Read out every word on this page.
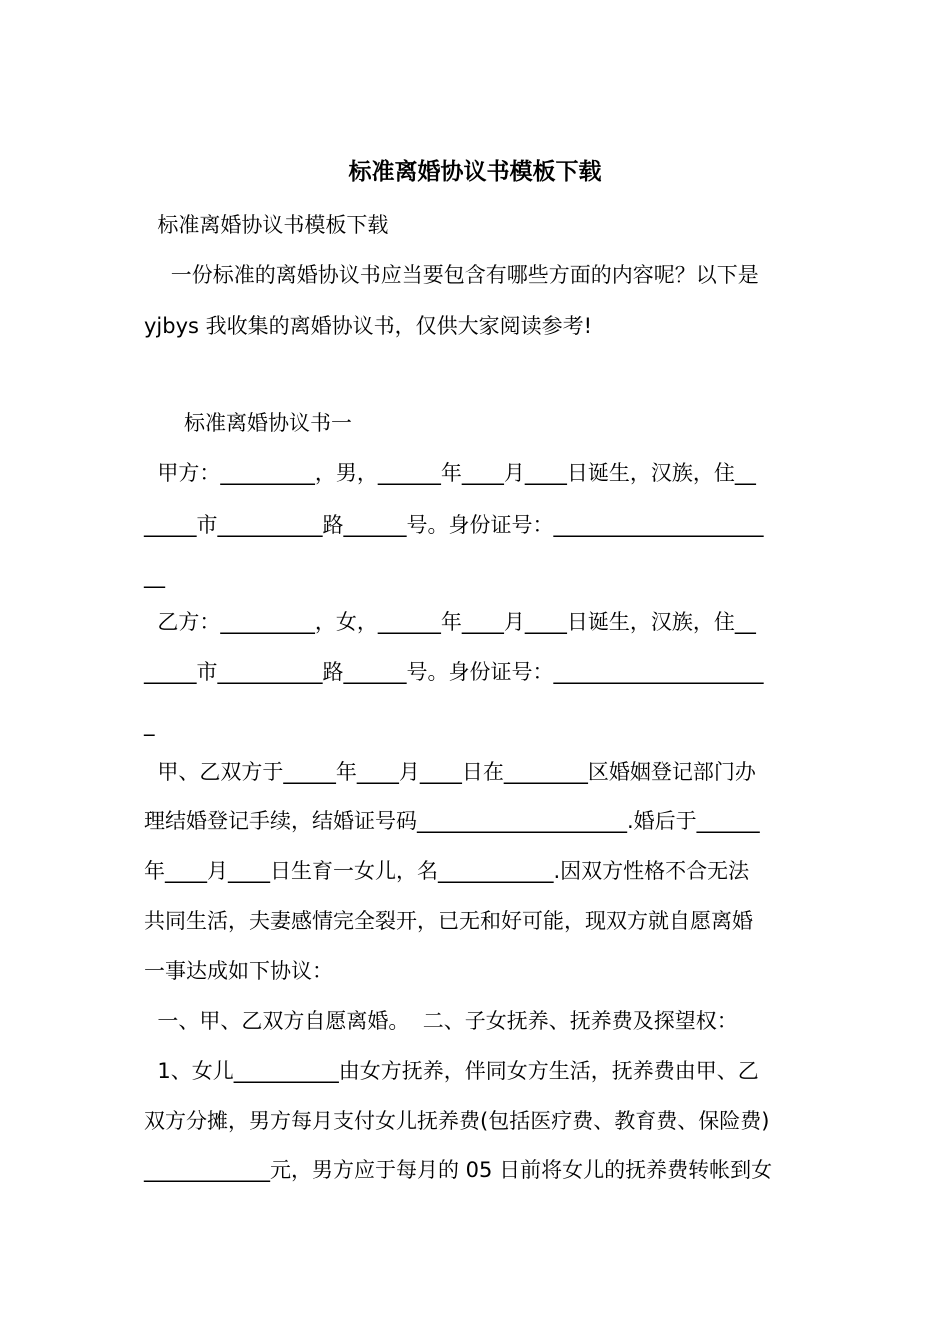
标准离婚协议书模板下载
标准离婚协议书模板下载
一份标准的离婚协议书应当要包含有哪些方面的内容呢？以下是
yjbys 我收集的离婚协议书，仅供大家阅读参考!
标准离婚协议书一
甲方：_________，男，______年____月____日诞生，汉族，住__
_____市__________路______号。身份证号：____________________
__
乙方：_________，女，______年____月____日诞生，汉族，住__
_____市__________路______号。身份证号：____________________
_
甲、乙双方于_____年____月____日在________区婚姻登记部门办
理结婚登记手续，结婚证号码____________________.婚后于______
年____月____日生育一女儿，名___________.因双方性格不合无法
共同生活，夫妻感情完全裂开，已无和好可能，现双方就自愿离婚
一事达成如下协议：
一、甲、乙双方自愿离婚。  二、子女抚养、抚养费及探望权：
1、女儿__________由女方抚养，伴同女方生活，抚养费由甲、乙
双方分摊，男方每月支付女儿抚养费(包括医疗费、教育费、保险费)
____________元，男方应于每月的 05 日前将女儿的抚养费转帐到女
